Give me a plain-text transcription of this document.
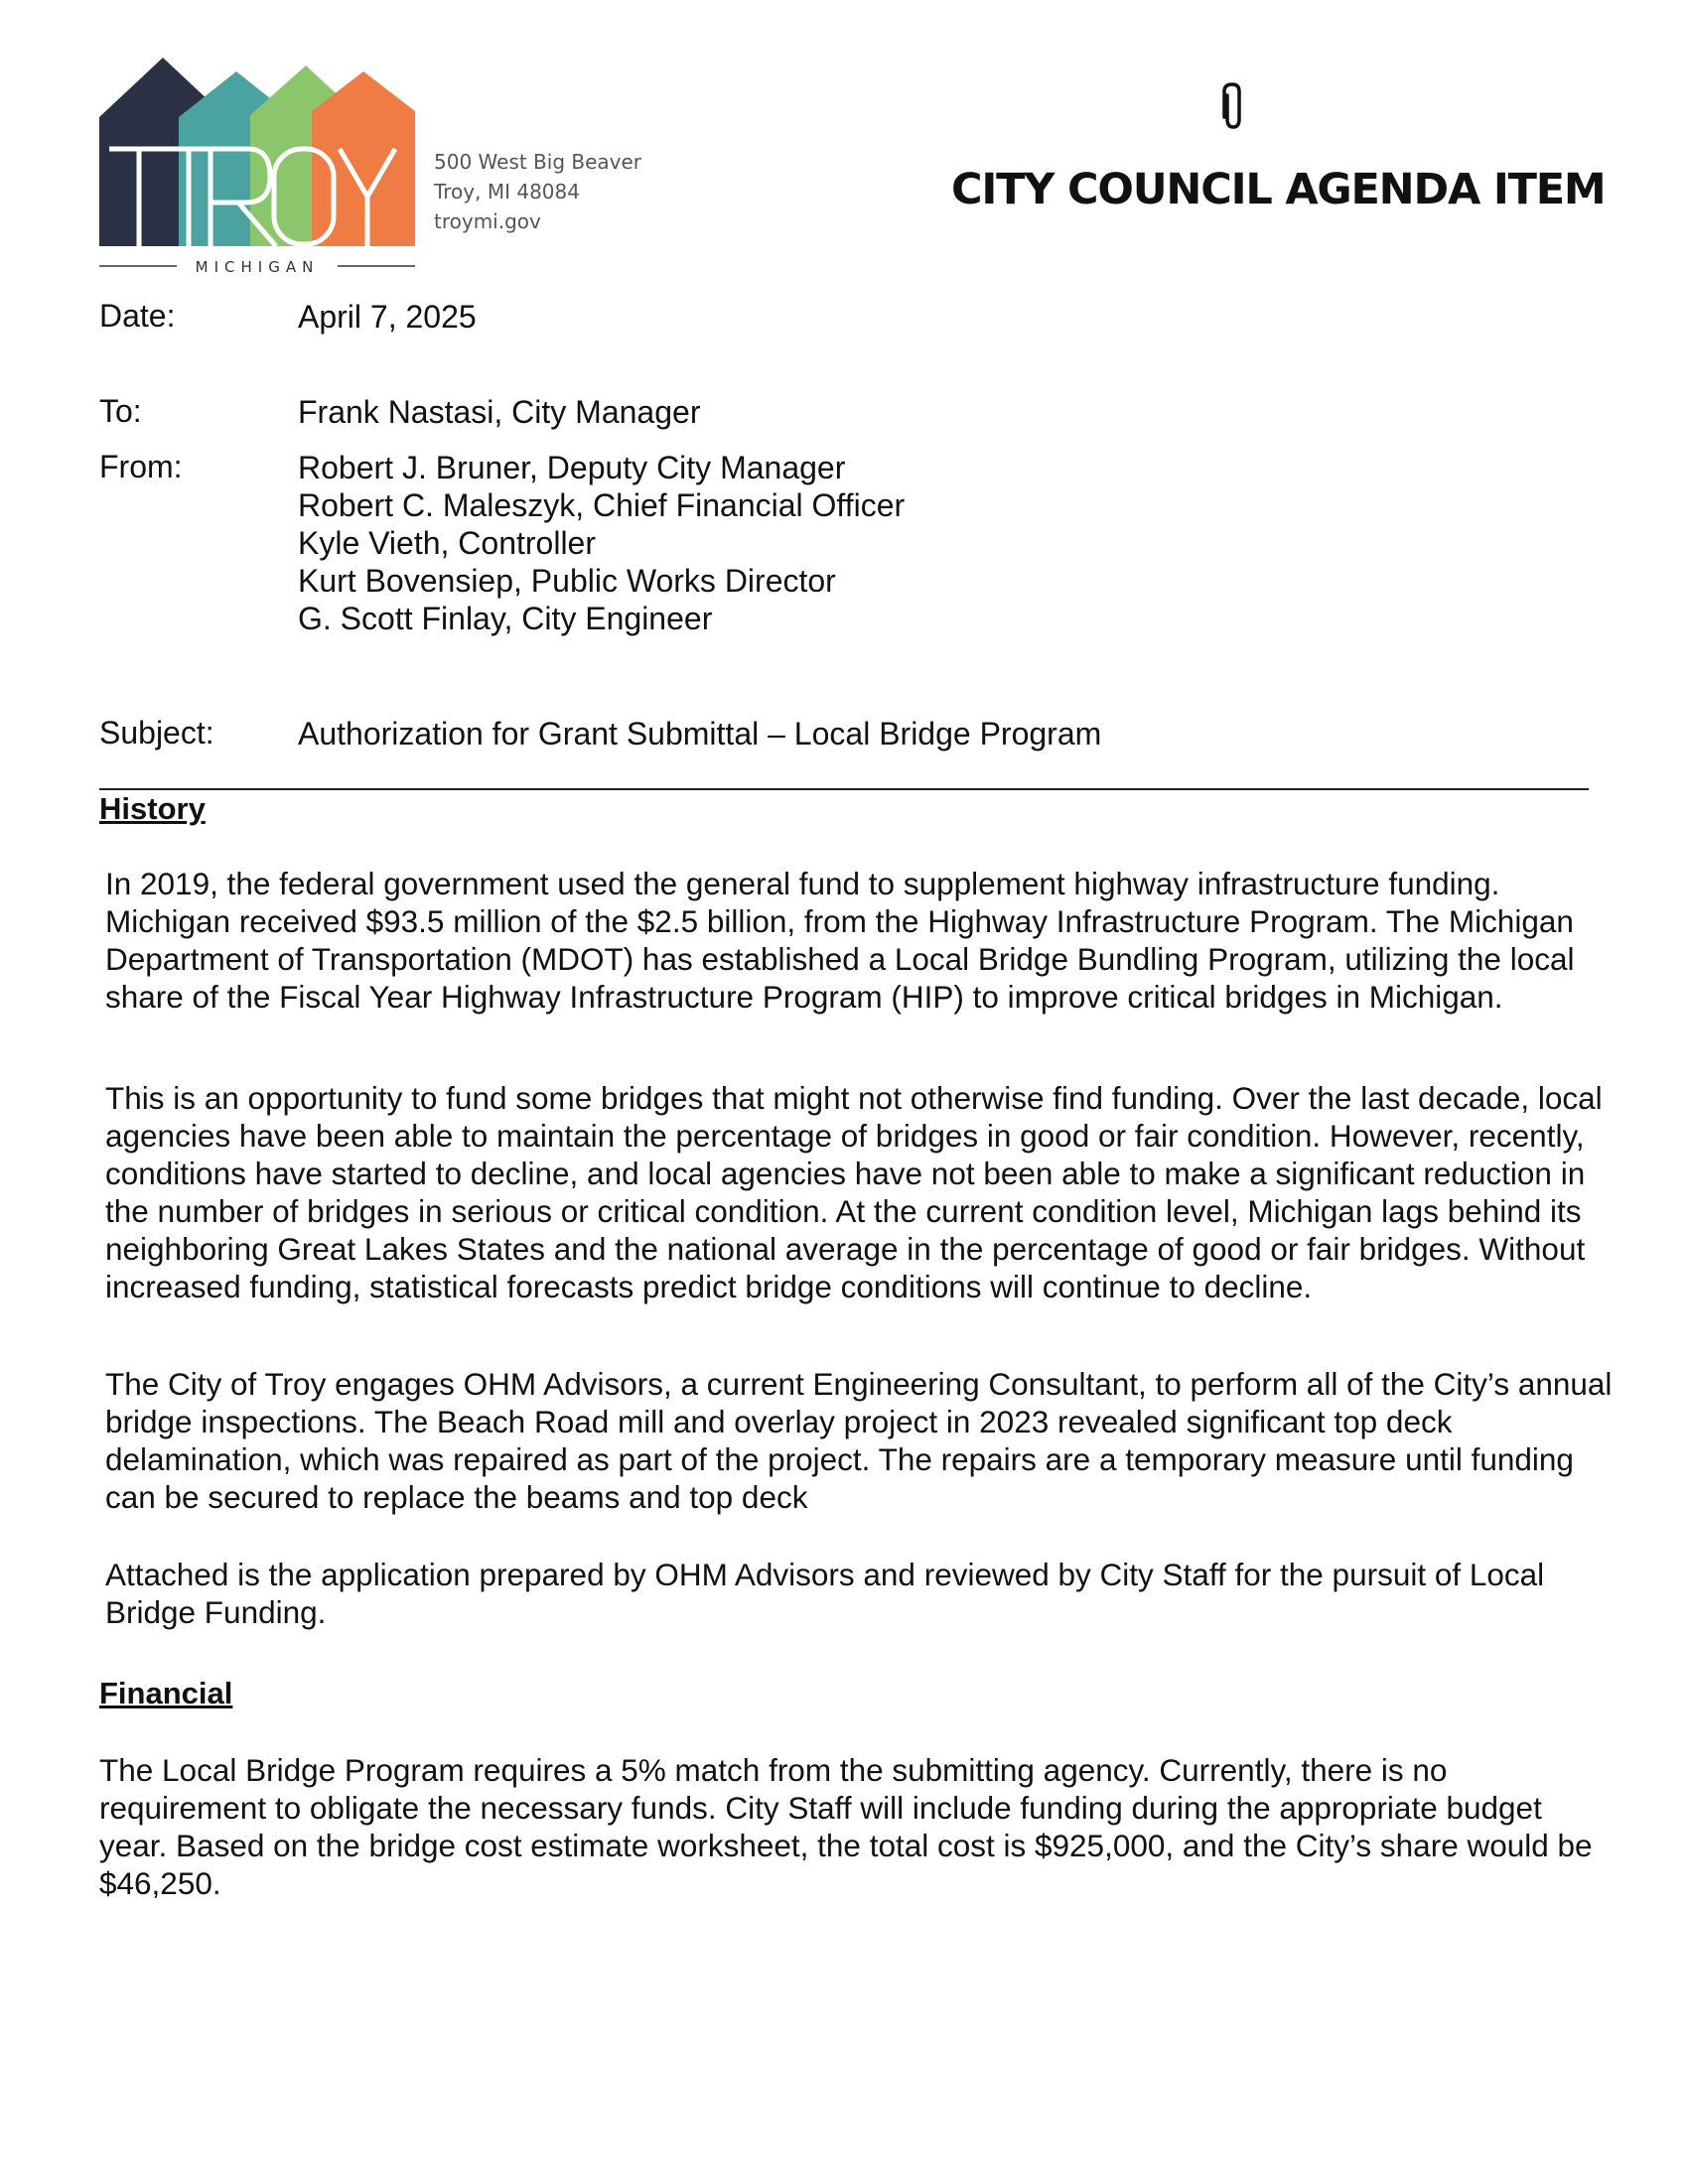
MICHIGAN
500 West Big Beaver
Troy, MI 48084
troymi.gov
CITY COUNCIL AGENDA ITEM
Date:	April 7, 2025
To:	Frank Nastasi, City Manager
From:	Robert J. Bruner, Deputy City Manager
Robert C. Maleszyk, Chief Financial Officer
Kyle Vieth, Controller
Kurt Bovensiep, Public Works Director
G. Scott Finlay, City Engineer
Subject:	Authorization for Grant Submittal – Local Bridge Program
History

In 2019, the federal government used the general fund to supplement highway infrastructure funding. Michigan received $93.5 million of the $2.5 billion, from the Highway Infrastructure Program. The Michigan Department of Transportation (MDOT) has established a Local Bridge Bundling Program, utilizing the local share of the Fiscal Year Highway Infrastructure Program (HIP) to improve critical bridges in Michigan.

This is an opportunity to fund some bridges that might not otherwise find funding. Over the last decade, local agencies have been able to maintain the percentage of bridges in good or fair condition. However, recently, conditions have started to decline, and local agencies have not been able to make a significant reduction in the number of bridges in serious or critical condition. At the current condition level, Michigan lags behind its neighboring Great Lakes States and the national average in the percentage of good or fair bridges. Without increased funding, statistical forecasts predict bridge conditions will continue to decline.

The City of Troy engages OHM Advisors, a current Engineering Consultant, to perform all of the City’s annual bridge inspections. The Beach Road mill and overlay project in 2023 revealed significant top deck delamination, which was repaired as part of the project. The repairs are a temporary measure until funding can be secured to replace the beams and top deck

Attached is the application prepared by OHM Advisors and reviewed by City Staff for the pursuit of Local Bridge Funding.

Financial
The Local Bridge Program requires a 5% match from the submitting agency. Currently, there is no requirement to obligate the necessary funds. City Staff will include funding during the appropriate budget year. Based on the bridge cost estimate worksheet, the total cost is $925,000, and the City’s share would be $46,250.
